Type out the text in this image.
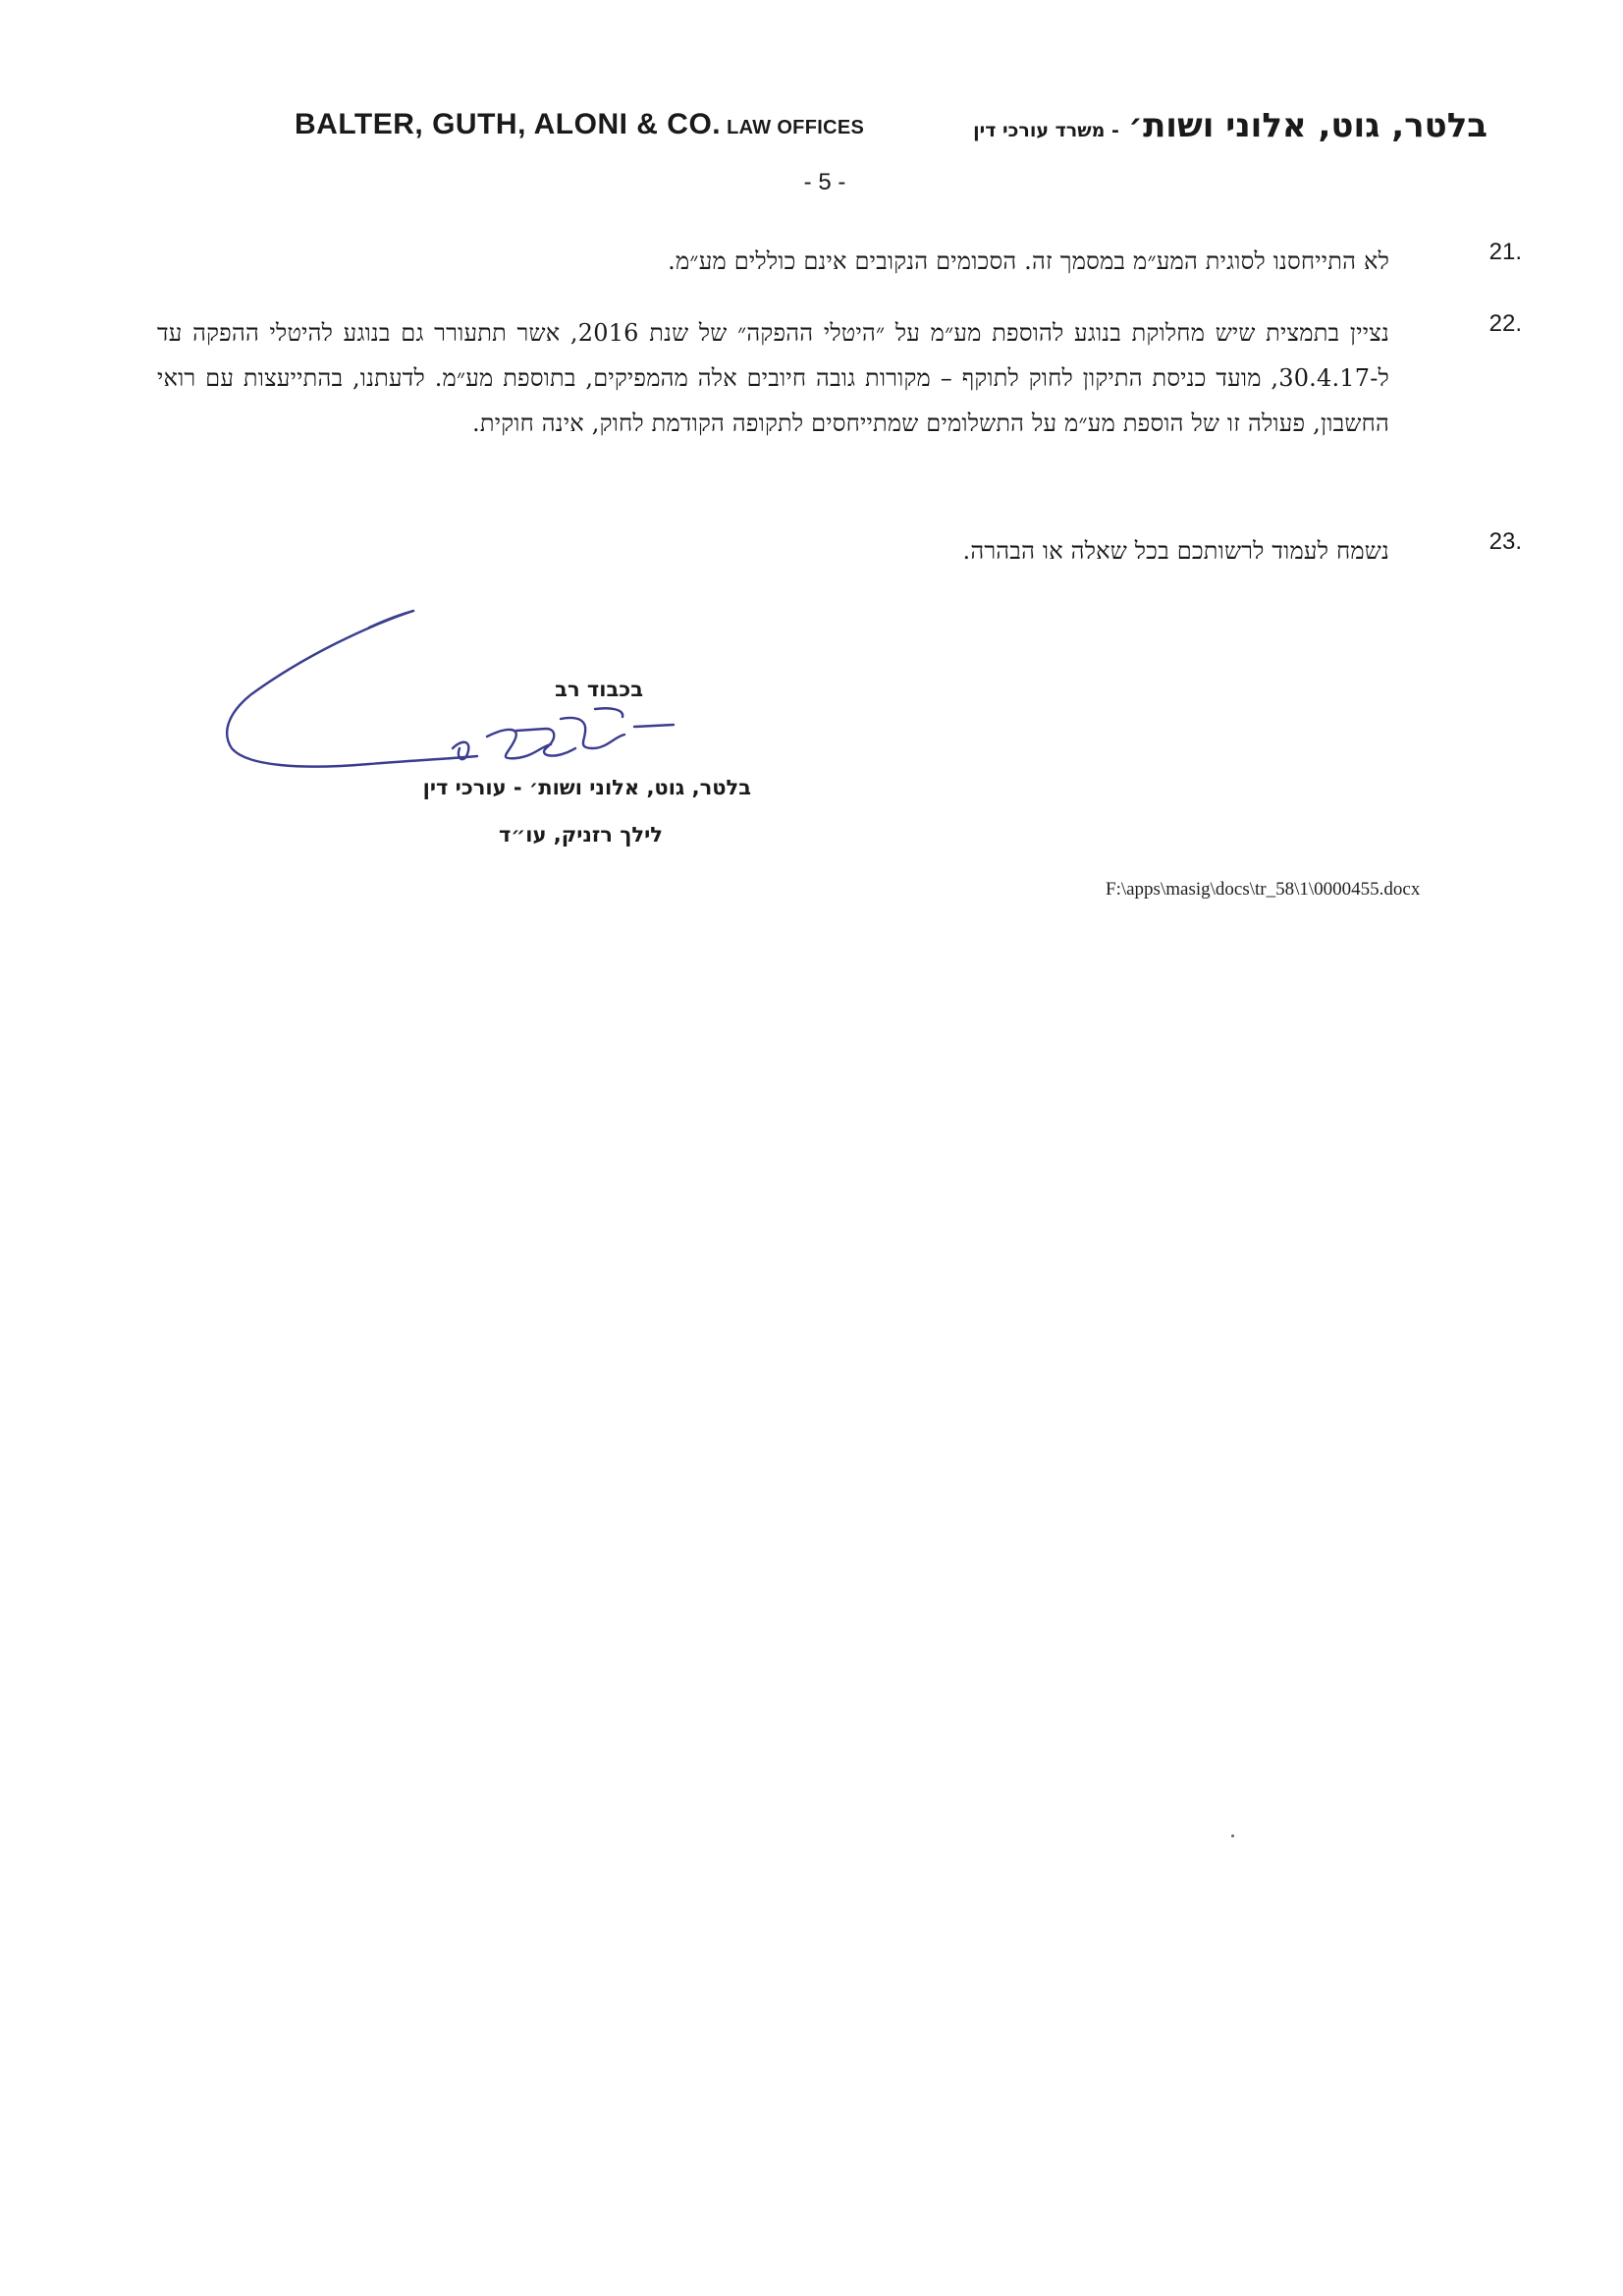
BALTER, GUTH, ALONI & CO. LAW OFFICES	בלטר, גוט, אלוני ושות׳ - משרד עורכי דין
- 5 -
21.
לא התייחסנו לסוגית המע״מ במסמך זה. הסכומים הנקובים אינם כוללים מע״מ.
22.
נציין בתמצית שיש מחלוקת בנוגע להוספת מע״מ על ״היטלי ההפקה״ של שנת 2016, אשר תתעורר גם בנוגע להיטלי ההפקה עד ל-30.4.17, מועד כניסת התיקון לחוק לתוקף – מקורות גובה חיובים אלה מהמפיקים, בתוספת מע״מ. לדעתנו, בהתייעצות עם רואי החשבון, פעולה זו של הוספת מע״מ על התשלומים שמתייחסים לתקופה הקודמת לחוק, אינה חוקית.
23.
נשמח לעמוד לרשותכם בכל שאלה או הבהרה.
בכבוד רב
בלטר, גוט, אלוני ושות׳ - עורכי דין
לילך רזניק, עו״ד
F:\apps\masig\docs\tr_58\1\0000455.docx
